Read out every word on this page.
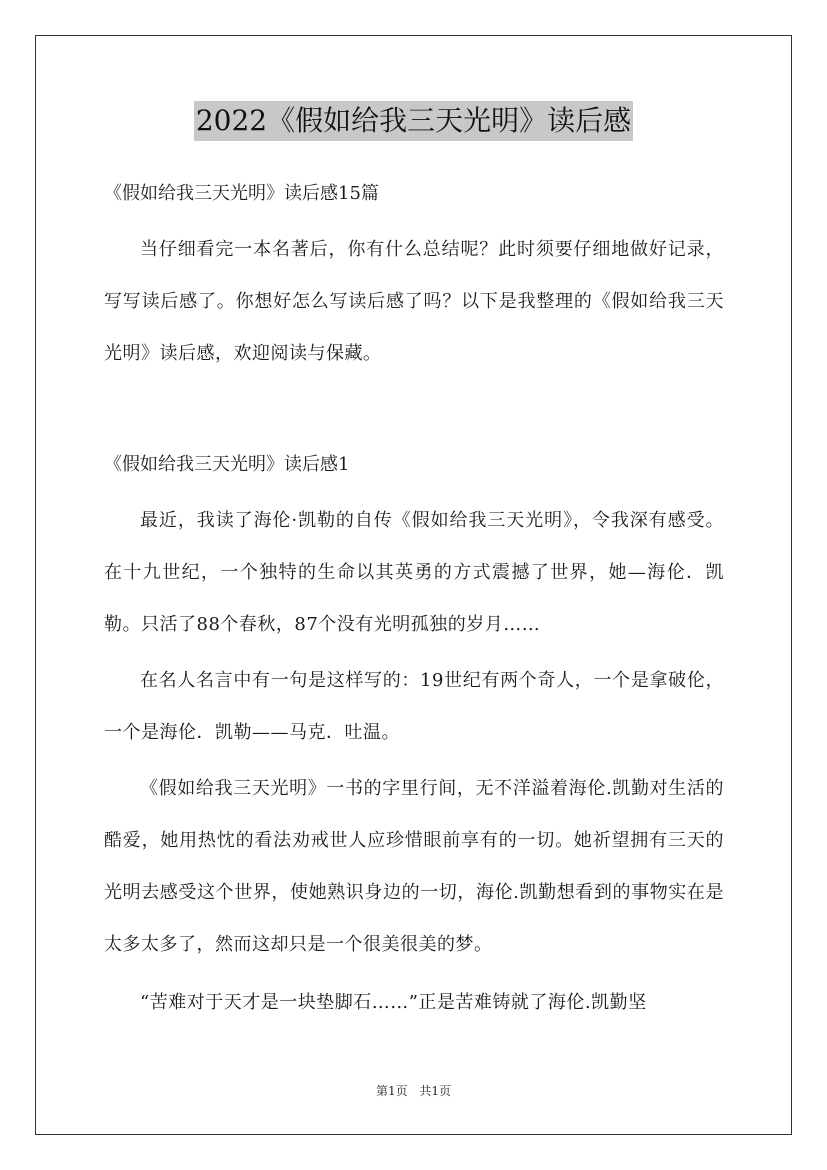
2022《假如给我三天光明》读后感

《假如给我三天光明》读后感15篇

当仔细看完一本名著后，你有什么总结呢？此时须要仔细地做好记录，写写读后感了。你想好怎么写读后感了吗？以下是我整理的《假如给我三天光明》读后感，欢迎阅读与保藏。

《假如给我三天光明》读后感1

最近，我读了海伦·凯勒的自传《假如给我三天光明》，令我深有感受。在十九世纪，一个独特的生命以其英勇的方式震撼了世界，她—海伦．凯勒。只活了88个春秋，87个没有光明孤独的岁月……

在名人名言中有一句是这样写的：19世纪有两个奇人，一个是拿破伦，一个是海伦．凯勒——马克．吐温。

《假如给我三天光明》一书的字里行间，无不洋溢着海伦.凯勤对生活的酷爱，她用热忱的看法劝戒世人应珍惜眼前享有的一切。她祈望拥有三天的光明去感受这个世界，使她熟识身边的一切，海伦.凯勤想看到的事物实在是太多太多了，然而这却只是一个很美很美的梦。

“苦难对于天才是一块垫脚石……”正是苦难铸就了海伦.凯勤坚

第1页 共1页
